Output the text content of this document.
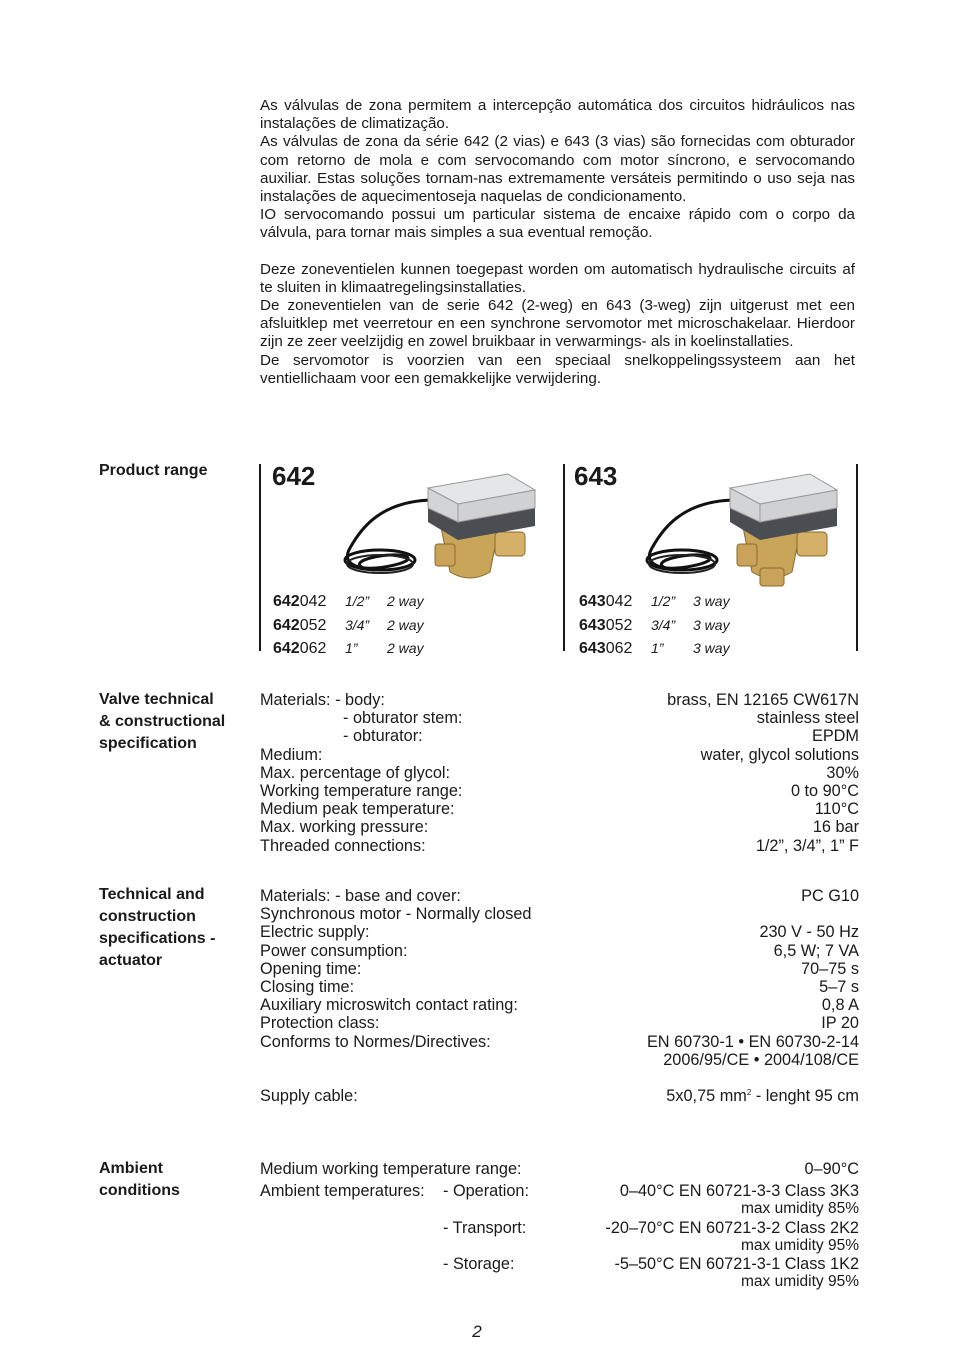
As válvulas de zona permitem a intercepção automática dos circuitos hidráulicos nas instalações de climatização.

As válvulas de zona da série 642 (2 vias) e 643 (3 vias) são fornecidas com obturador com retorno de mola e com servocomando com motor síncrono, e servocomando auxiliar. Estas soluções tornam-nas extremamente versáteis permitindo o uso seja nas instalações de aquecimentoseja naquelas de condicionamento.

IO servocomando possui um particular sistema de encaixe rápido com o corpo da válvula, para tornar mais simples a sua eventual remoção.

Deze zoneventielen kunnen toegepast worden om automatisch hydraulische circuits af te sluiten in klimaatregelingsinstallaties.

De zoneventielen van de serie 642 (2-weg) en 643 (3-weg) zijn uitgerust met een afsluitklep met veerretour en een synchrone servomotor met microschakelaar. Hierdoor zijn ze zeer veelzijdig en zowel bruikbaar in verwarmings- als in koelinstallaties.

De servomotor is voorzien van een speciaal snelkoppelingssysteem aan het ventiellichaam voor een gemakkelijke verwijdering.

Product range	642	643
642042	1/2”	2 way
642052	3/4”	2 way
642062	1”	2 way
643042	1/2”	3 way
643052	3/4”	3 way
643062	1”	3 way
Valve technical
& constructional
specification
Materials: - body:	brass, EN 12165 CW617N
- obturator stem:	stainless steel
- obturator:	EPDM
Medium:	water, glycol solutions
Max. percentage of glycol:	30%
Working temperature range:	0 to 90°C
Medium peak temperature:	110°C
Max. working pressure:	16 bar
Threaded connections:	1/2”, 3/4”, 1” F
Technical and
construction
specifications -
actuator
Materials: - base and cover:	PC G10
Synchronous motor - Normally closed
Electric supply:	230 V - 50 Hz
Power consumption:	6,5 W; 7 VA
Opening time:	70–75 s
Closing time:	5–7 s
Auxiliary microswitch contact rating:	0,8 A
Protection class:	IP 20
Conforms to Normes/Directives:	EN 60730-1 • EN 60730-2-14
2006/95/CE • 2004/108/CE
Supply cable:	5x0,75 $mm^2$ - lenght 95 cm
Ambient
conditions
Medium working temperature range:	0–90°C
Ambient temperatures: - Operation:	0–40°C EN 60721-3-3 Class 3K3
max umidity 85%
- Transport:	-20–70°C EN 60721-3-2 Class 2K2
max umidity 95%
- Storage:	-5–50°C EN 60721-3-1 Class 1K2
max umidity 95%
2
